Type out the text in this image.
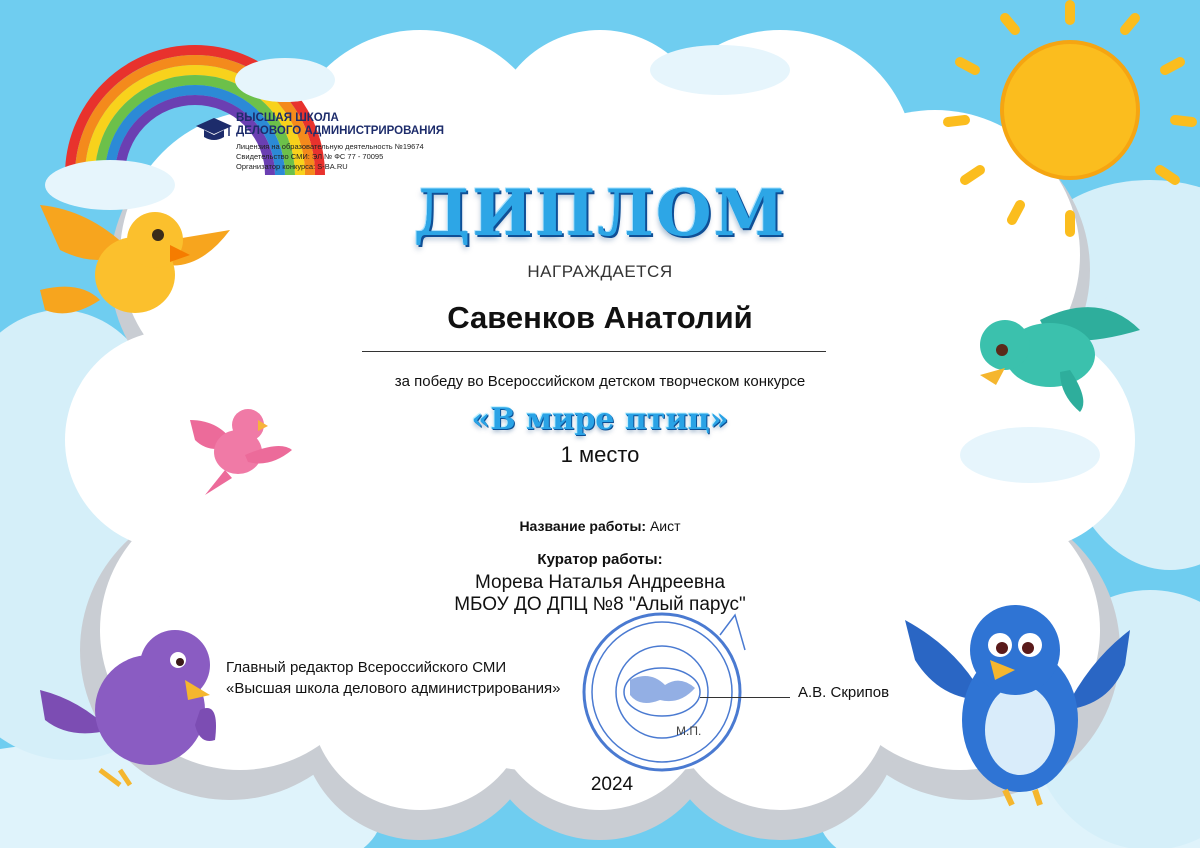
ВЫСШАЯ ШКОЛА
ДЕЛОВОГО АДМИНИСТРИРОВАНИЯ
Лицензия на образовательную деятельность №19674
Свидетельство СМИ: ЭЛ № ФС 77 - 70095
Организатор конкурса: S-BA.RU
ДИПЛОМ
НАГРАЖДАЕТСЯ
Савенков Анатолий
за победу во Всероссийском детском творческом конкурсе
«В мире птиц»
1 место
Название работы: Аист
Куратор работы:
Морева Наталья Андреевна
МБОУ ДО ДПЦ №8 "Алый парус"
Главный редактор Всероссийского СМИ
«Высшая школа делового администрирования»	А.В. Скрипов
М.П.
2024
